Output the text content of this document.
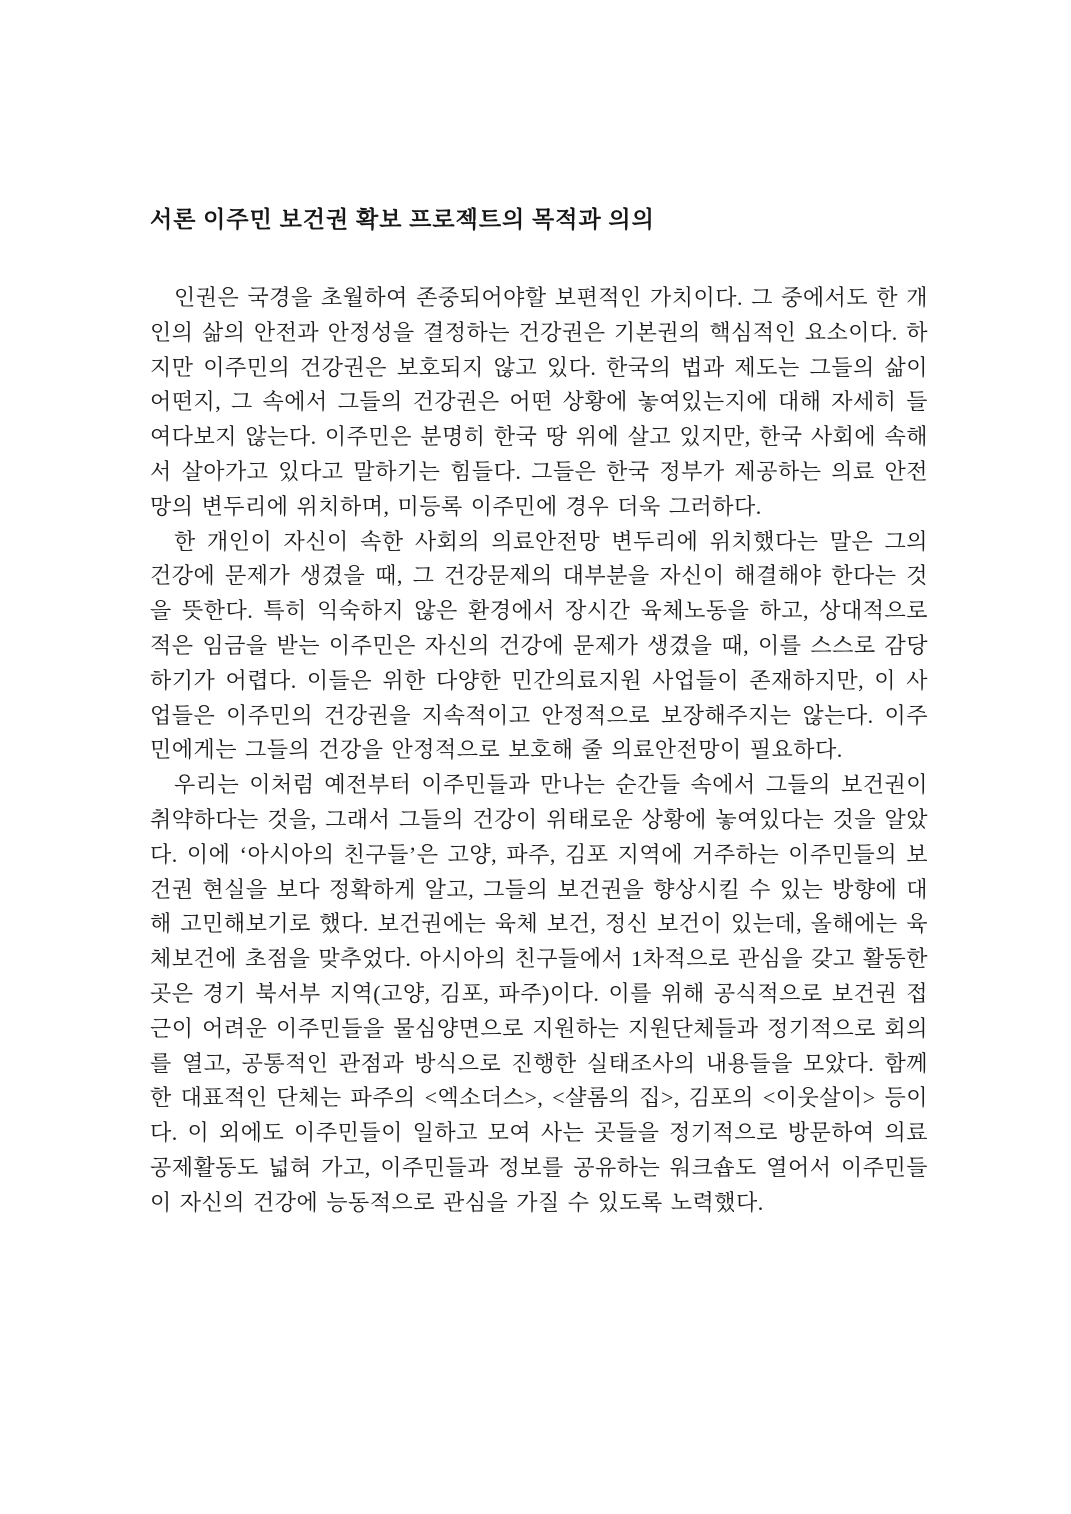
서론 이주민 보건권 확보 프로젝트의 목적과 의의

인권은 국경을 초월하여 존중되어야할 보편적인 가치이다. 그 중에서도 한 개인의 삶의 안전과 안정성을 결정하는 건강권은 기본권의 핵심적인 요소이다. 하지만 이주민의 건강권은 보호되지 않고 있다. 한국의 법과 제도는 그들의 삶이 어떤지, 그 속에서 그들의 건강권은 어떤 상황에 놓여있는지에 대해 자세히 들여다보지 않는다. 이주민은 분명히 한국 땅 위에 살고 있지만, 한국 사회에 속해서 살아가고 있다고 말하기는 힘들다. 그들은 한국 정부가 제공하는 의료 안전망의 변두리에 위치하며, 미등록 이주민에 경우 더욱 그러하다.

한 개인이 자신이 속한 사회의 의료안전망 변두리에 위치했다는 말은 그의 건강에 문제가 생겼을 때, 그 건강문제의 대부분을 자신이 해결해야 한다는 것을 뜻한다. 특히 익숙하지 않은 환경에서 장시간 육체노동을 하고, 상대적으로 적은 임금을 받는 이주민은 자신의 건강에 문제가 생겼을 때, 이를 스스로 감당하기가 어렵다. 이들은 위한 다양한 민간의료지원 사업들이 존재하지만, 이 사업들은 이주민의 건강권을 지속적이고 안정적으로 보장해주지는 않는다. 이주민에게는 그들의 건강을 안정적으로 보호해 줄 의료안전망이 필요하다.

우리는 이처럼 예전부터 이주민들과 만나는 순간들 속에서 그들의 보건권이 취약하다는 것을, 그래서 그들의 건강이 위태로운 상황에 놓여있다는 것을 알았다. 이에 ‘아시아의 친구들’은 고양, 파주, 김포 지역에 거주하는 이주민들의 보건권 현실을 보다 정확하게 알고, 그들의 보건권을 향상시킬 수 있는 방향에 대해 고민해보기로 했다. 보건권에는 육체 보건, 정신 보건이 있는데, 올해에는 육체보건에 초점을 맞추었다. 아시아의 친구들에서 1차적으로 관심을 갖고 활동한 곳은 경기 북서부 지역(고양, 김포, 파주)이다. 이를 위해 공식적으로 보건권 접근이 어려운 이주민들을 물심양면으로 지원하는 지원단체들과 정기적으로 회의를 열고, 공통적인 관점과 방식으로 진행한 실태조사의 내용들을 모았다. 함께 한 대표적인 단체는 파주의 <엑소더스>, <샬롬의 집>, 김포의 <이웃살이> 등이다. 이 외에도 이주민들이 일하고 모여 사는 곳들을 정기적으로 방문하여 의료공제활동도 넓혀 가고, 이주민들과 정보를 공유하는 워크숍도 열어서 이주민들이 자신의 건강에 능동적으로 관심을 가질 수 있도록 노력했다.
